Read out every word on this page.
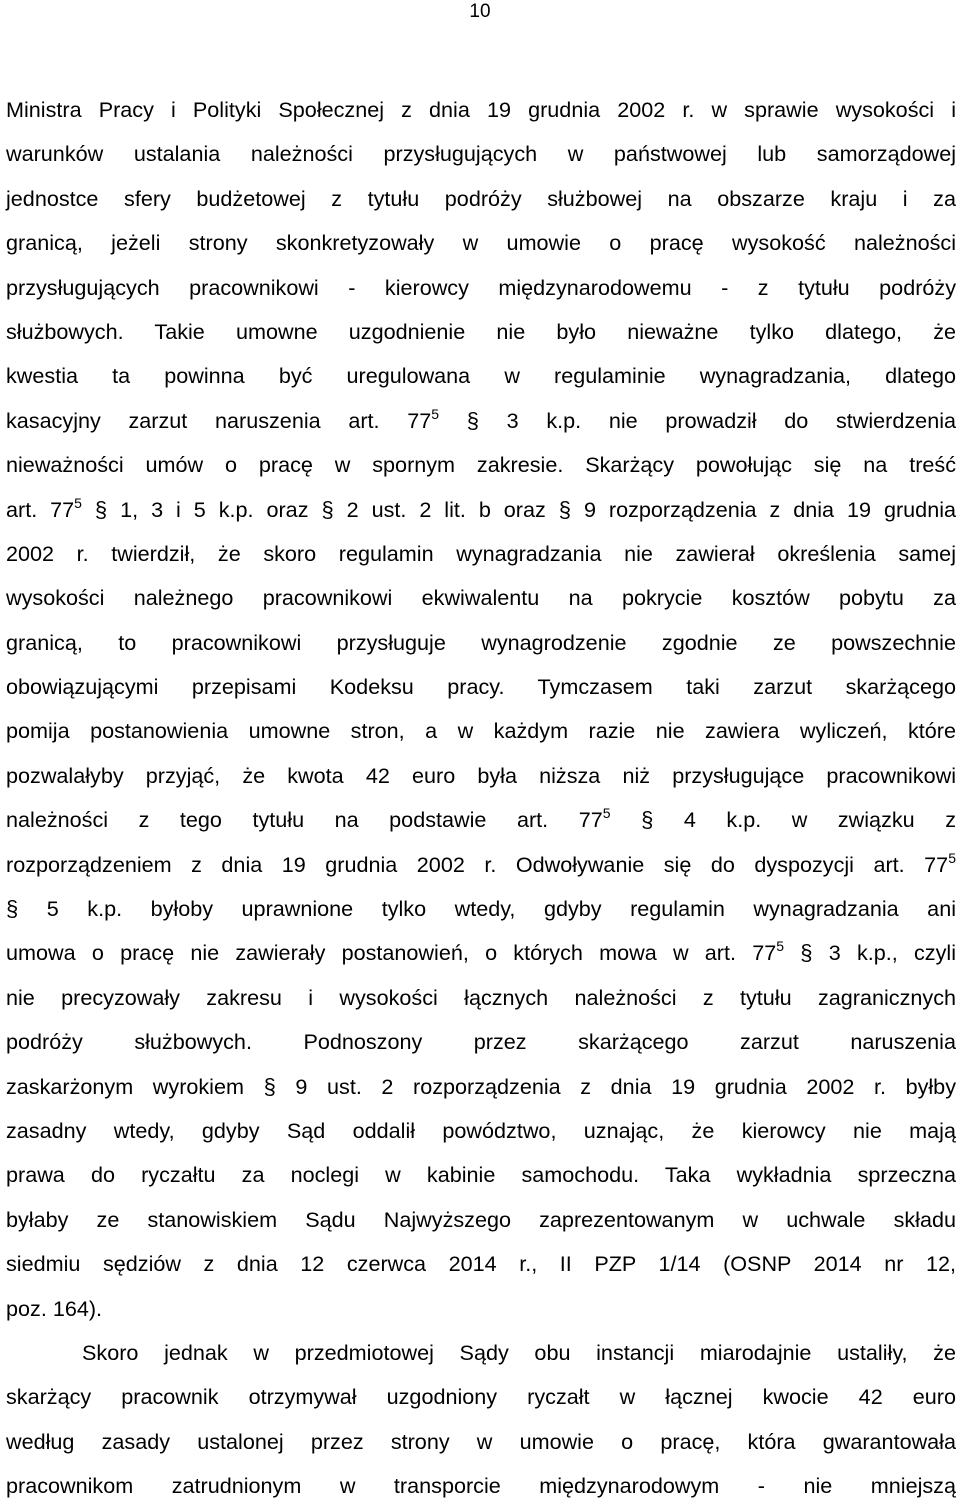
10
Ministra Pracy i Polityki Społecznej z dnia 19 grudnia 2002 r. w sprawie wysokości i
warunków ustalania należności przysługujących w państwowej lub samorządowej
jednostce sfery budżetowej z tytułu podróży służbowej na obszarze kraju i za
granicą, jeżeli strony skonkretyzowały w umowie o pracę wysokość należności
przysługujących pracownikowi - kierowcy międzynarodowemu - z tytułu podróży
służbowych. Takie umowne uzgodnienie nie było nieważne tylko dlatego, że
kwestia ta powinna być uregulowana w regulaminie wynagradzania, dlatego
kasacyjny zarzut naruszenia art. $77^5$ § 3 k.p. nie prowadził do stwierdzenia
nieważności umów o pracę w spornym zakresie. Skarżący powołując się na treść
art. $77^5$ § 1, 3 i 5 k.p. oraz § 2 ust. 2 lit. b oraz § 9 rozporządzenia z dnia 19 grudnia
2002 r. twierdził, że skoro regulamin wynagradzania nie zawierał określenia samej
wysokości należnego pracownikowi ekwiwalentu na pokrycie kosztów pobytu za
granicą, to pracownikowi przysługuje wynagrodzenie zgodnie ze powszechnie
obowiązującymi przepisami Kodeksu pracy. Tymczasem taki zarzut skarżącego
pomija postanowienia umowne stron, a w każdym razie nie zawiera wyliczeń, które
pozwalałyby przyjąć, że kwota 42 euro była niższa niż przysługujące pracownikowi
należności z tego tytułu na podstawie art. $77^5$ § 4 k.p. w związku z
rozporządzeniem z dnia 19 grudnia 2002 r. Odwoływanie się do dyspozycji art. $77^5$
§ 5 k.p. byłoby uprawnione tylko wtedy, gdyby regulamin wynagradzania ani
umowa o pracę nie zawierały postanowień, o których mowa w art. $77^5$ § 3 k.p., czyli
nie precyzowały zakresu i wysokości łącznych należności z tytułu zagranicznych
podróży służbowych. Podnoszony przez skarżącego zarzut naruszenia
zaskarżonym wyrokiem § 9 ust. 2 rozporządzenia z dnia 19 grudnia 2002 r. byłby
zasadny wtedy, gdyby Sąd oddalił powództwo, uznając, że kierowcy nie mają
prawa do ryczałtu za noclegi w kabinie samochodu. Taka wykładnia sprzeczna
byłaby ze stanowiskiem Sądu Najwyższego zaprezentowanym w uchwale składu
siedmiu sędziów z dnia 12 czerwca 2014 r., II PZP 1/14 (OSNP 2014 nr 12,
poz. 164).
Skoro jednak w przedmiotowej Sądy obu instancji miarodajnie ustaliły, że
skarżący pracownik otrzymywał uzgodniony ryczałt w łącznej kwocie 42 euro
według zasady ustalonej przez strony w umowie o pracę, która gwarantowała
pracownikom zatrudnionym w transporcie międzynarodowym - nie mniejszą
